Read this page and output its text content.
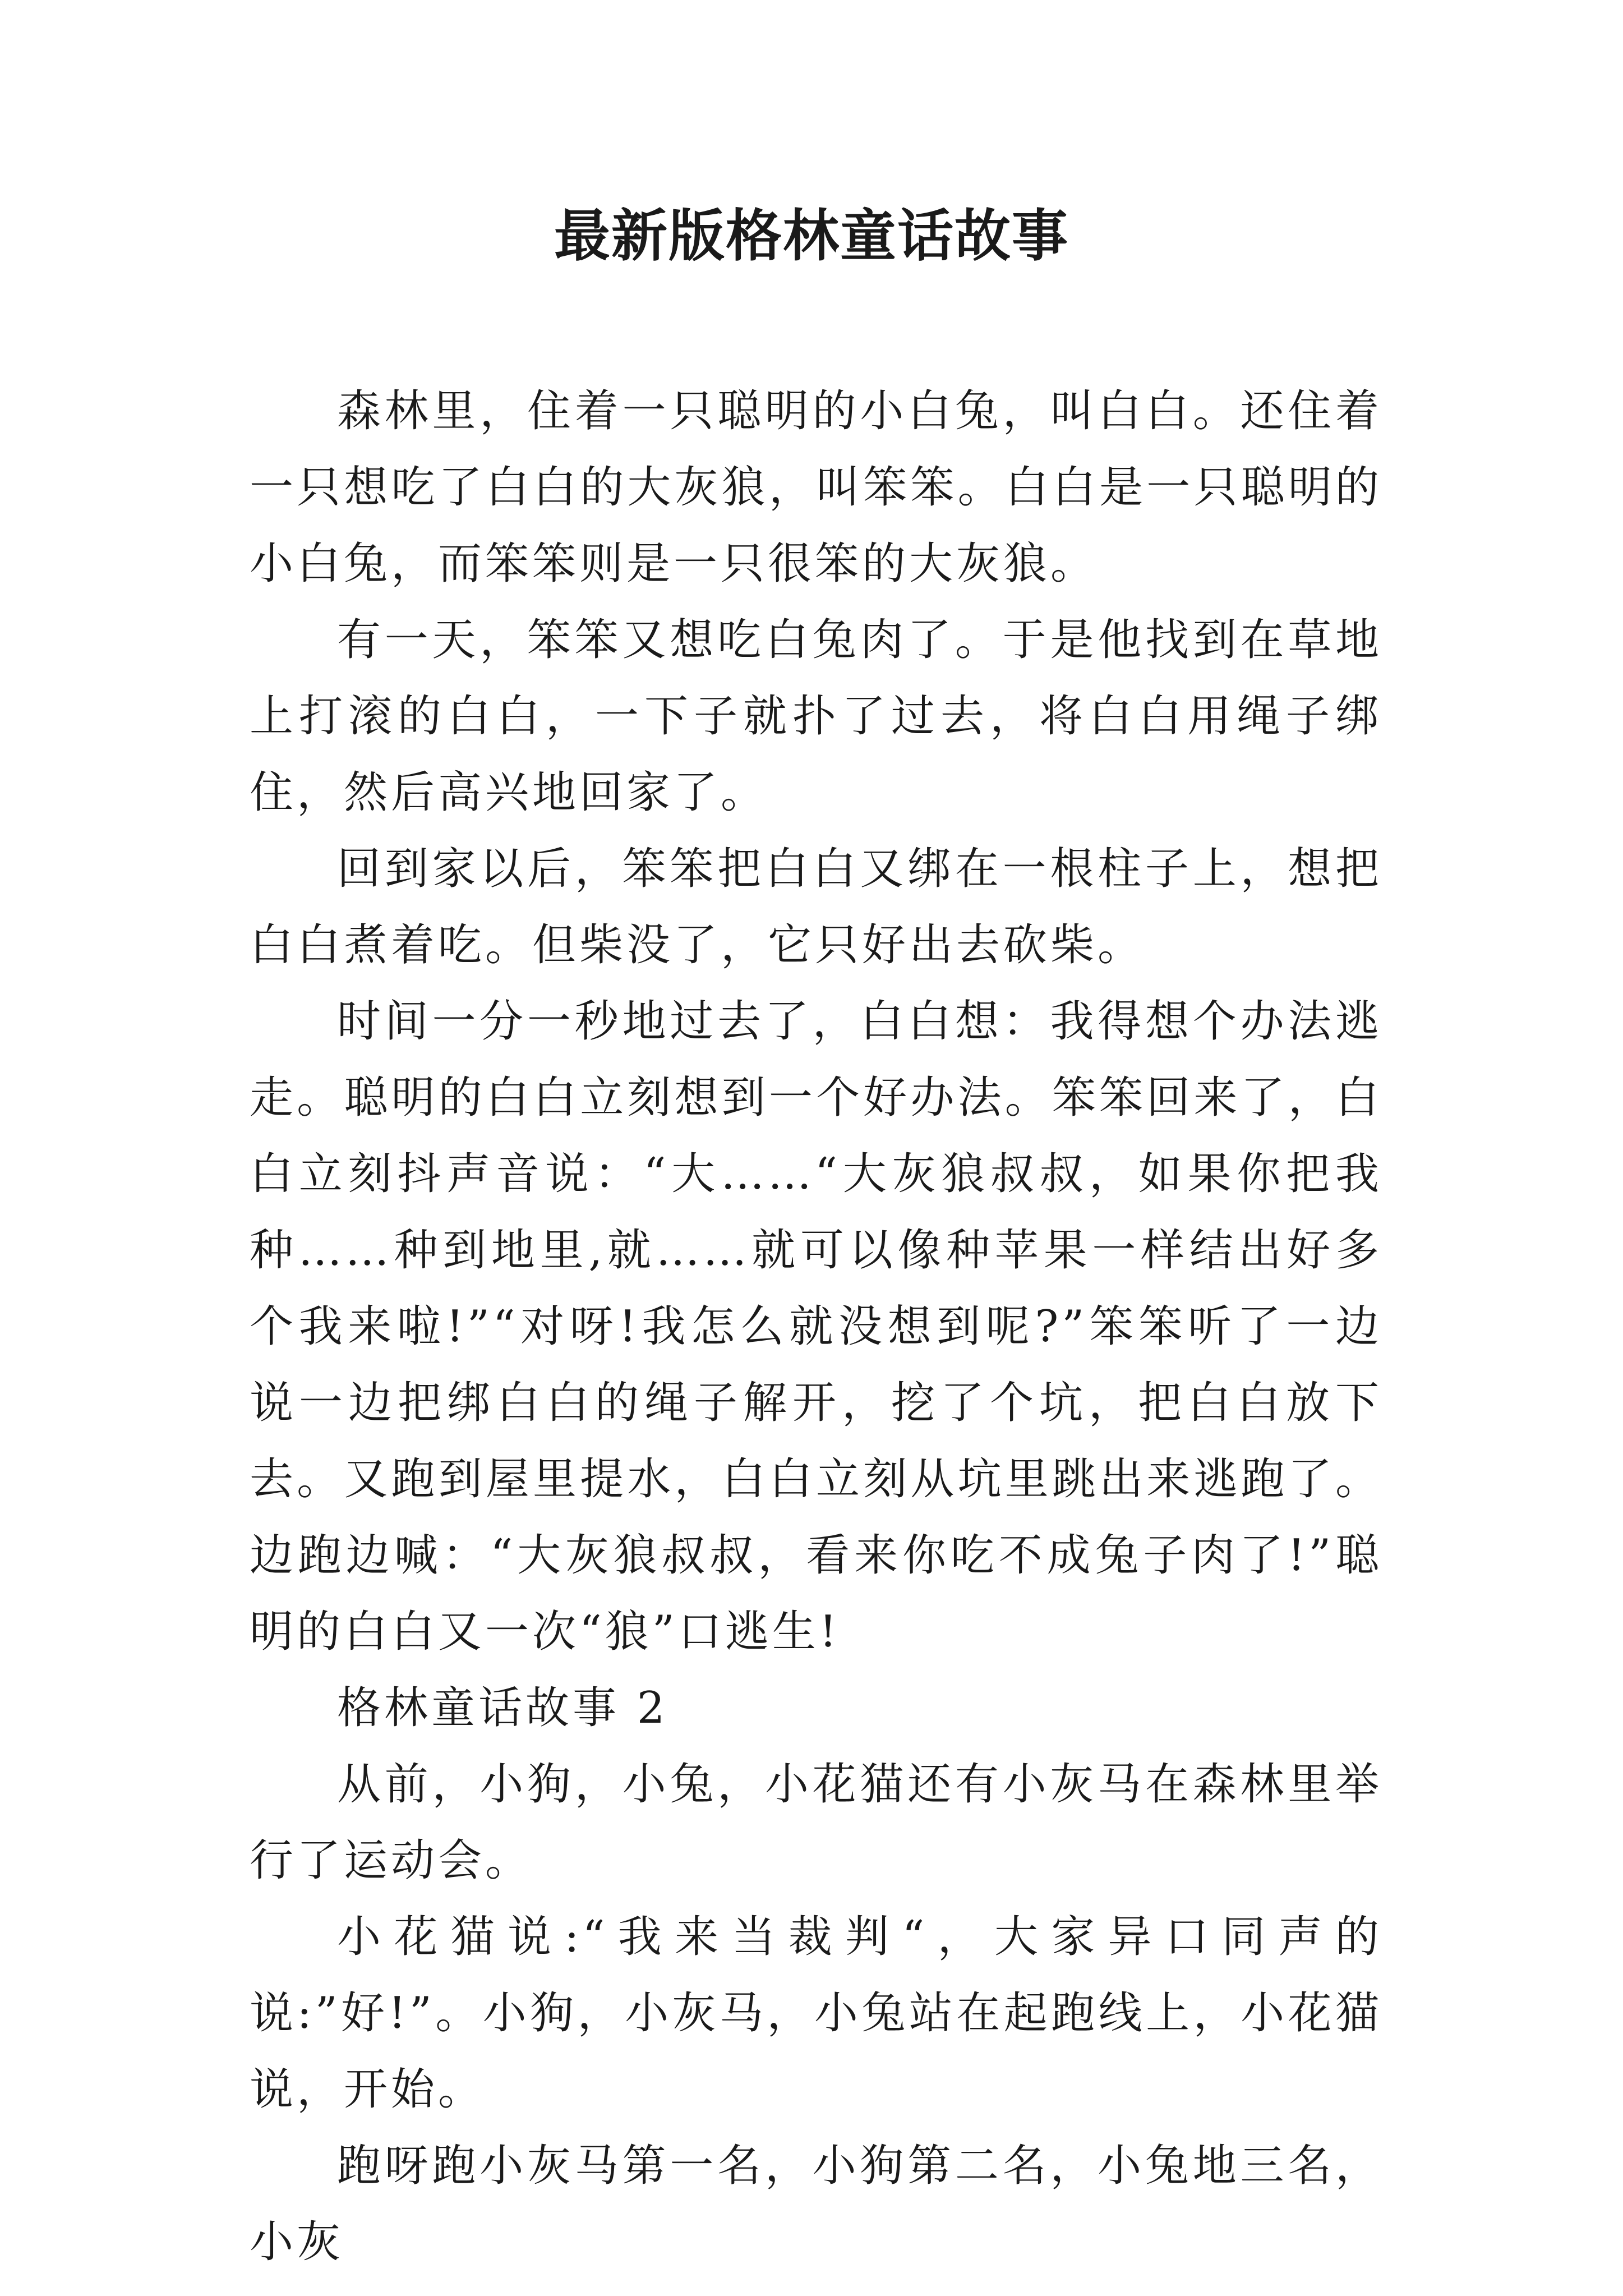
最新版格林童话故事

森林里，住着一只聪明的小白兔，叫白白。还住着一只想吃了白白的大灰狼，叫笨笨。白白是一只聪明的小白兔，而笨笨则是一只很笨的大灰狼。

有一天，笨笨又想吃白兔肉了。于是他找到在草地上打滚的白白，一下子就扑了过去，将白白用绳子绑住，然后高兴地回家了。

回到家以后，笨笨把白白又绑在一根柱子上，想把白白煮着吃。但柴没了，它只好出去砍柴。

时间一分一秒地过去了，白白想：我得想个办法逃走。聪明的白白立刻想到一个好办法。笨笨回来了，白白立刻抖声音说：“大……“大灰狼叔叔，如果你把我种……种到地里,就……就可以像种苹果一样结出好多个我来啦!”“对呀!我怎么就没想到呢?”笨笨听了一边说一边把绑白白的绳子解开，挖了个坑，把白白放下去。又跑到屋里提水，白白立刻从坑里跳出来逃跑了。边跑边喊：“大灰狼叔叔，看来你吃不成兔子肉了!”聪明的白白又一次“狼”口逃生!

格林童话故事 2

从前，小狗，小兔，小花猫还有小灰马在森林里举行了运动会。

小花猫说:“我来当裁判“，大家异口同声的说:”好!”。小狗，小灰马，小兔站在起跑线上，小花猫说，开始。

跑呀跑小灰马第一名，小狗第二名，小兔地三名，小灰
